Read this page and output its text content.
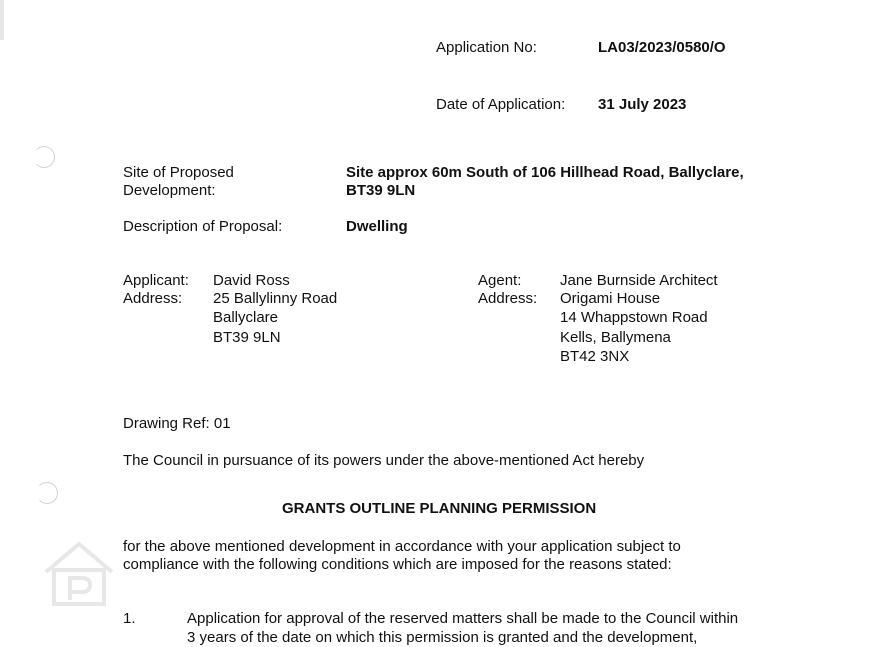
Application No:	LA03/2023/0580/O
Date of Application: 31 July 2023
Site of Proposed
Development:
Site approx 60m South of 106 Hillhead Road, Ballyclare,
BT39 9LN
Description of Proposal:	Dwelling
Applicant: David Ross
Address: 25 Ballylinny Road
Ballyclare
BT39 9LN
Agent:	Jane Burnside Architect
Address: Origami House
14 Whappstown Road
Kells, Ballymena
BT42 3NX
Drawing Ref: 01
The Council in pursuance of its powers under the above-mentioned Act hereby
GRANTS OUTLINE PLANNING PERMISSION
for the above mentioned development in accordance with your application subject to
compliance with the following conditions which are imposed for the reasons stated:
1.	Application for approval of the reserved matters shall be made to the Council within
3 years of the date on which this permission is granted and the development,
